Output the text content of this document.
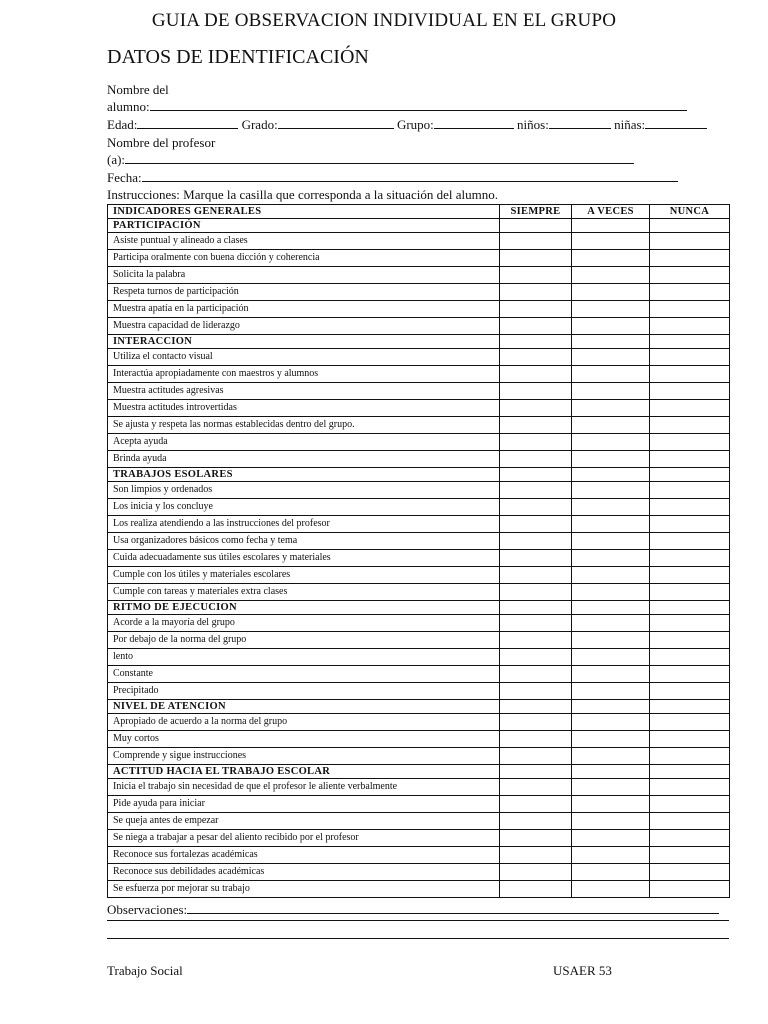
GUIA DE OBSERVACION INDIVIDUAL EN EL GRUPO
DATOS DE IDENTIFICACIÓN
Nombre del
alumno:
Edad:	Grado:	Grupo:	niños:	niñas:
Nombre del profesor
(a):
Fecha:
Instrucciones: Marque la casilla que corresponda a la situación del alumno.
INDICADORES GENERALES	SIEMPRE	A VECES	NUNCA
PARTICIPACIÓN			
Asiste puntual y alineado a clases			
Participa oralmente con buena dicción y coherencia			
Solicita la palabra			
Respeta turnos de participación			
Muestra apatía en la participación			
Muestra capacidad de liderazgo			
INTERACCION			
Utiliza el contacto visual			
Interactúa apropiadamente con maestros y alumnos			
Muestra actitudes agresivas			
Muestra actitudes introvertidas			
Se ajusta y respeta las normas establecidas dentro del grupo.			
Acepta ayuda			
Brinda ayuda			
TRABAJOS ESOLARES			
Son limpios y ordenados			
Los inicia y los concluye			
Los realiza atendiendo a las instrucciones del profesor			
Usa organizadores básicos como fecha y tema			
Cuida adecuadamente sus útiles escolares y materiales			
Cumple con los útiles y materiales escolares			
Cumple con tareas y materiales extra clases			
RITMO DE EJECUCION			
Acorde a la mayoría del grupo			
Por debajo de la norma del grupo			
lento			
Constante			
Precipitado			
NIVEL DE ATENCION			
Apropiado de acuerdo a la norma del grupo			
Muy cortos			
Comprende y sigue instrucciones			
ACTITUD HACIA EL TRABAJO ESCOLAR			
Inicia el trabajo sin necesidad de que el profesor le aliente verbalmente			
Pide ayuda para iniciar			
Se queja antes de empezar			
Se niega a trabajar a pesar del aliento recibido por el profesor			
Reconoce sus fortalezas académicas			
Reconoce sus debilidades académicas			
Se esfuerza por mejorar su trabajo			
Observaciones:
Trabajo Social	USAER 53
